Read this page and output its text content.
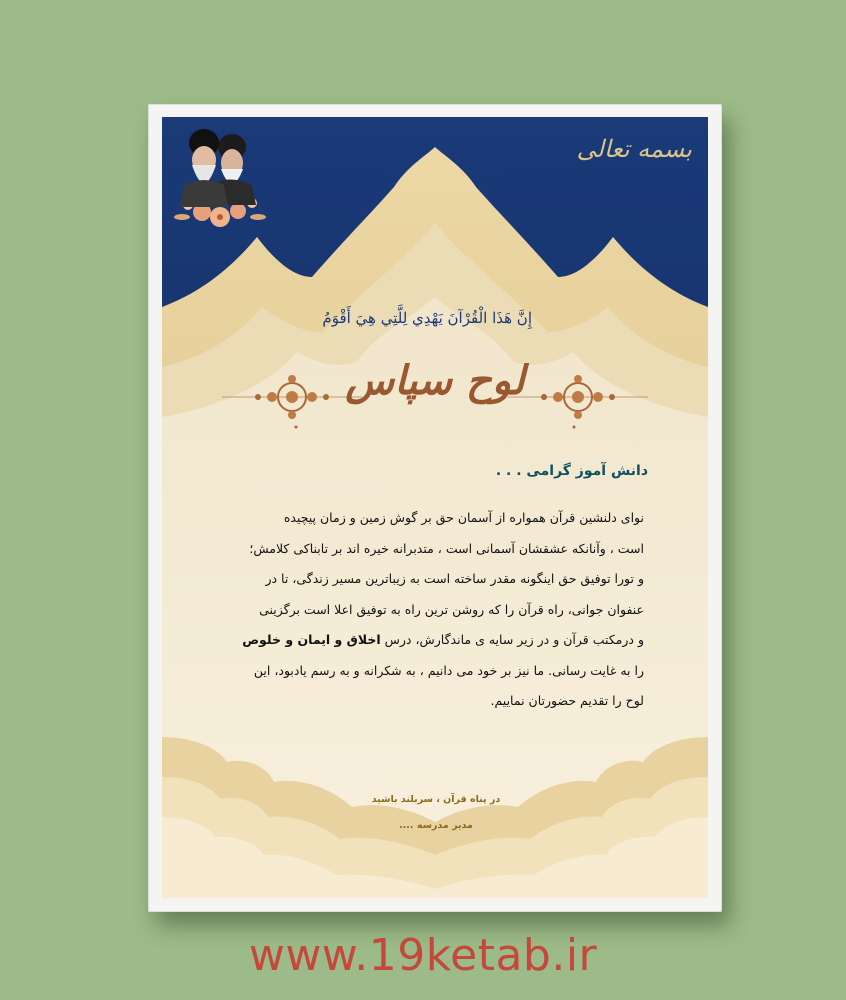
بسمه تعالی
إِنَّ هَذَا الْقُرْآنَ يَهْدِي لِلَّتِي هِيَ أَقْوَمُ
لوح سپاس
دانش آموز گرامی . . .

نوای دلنشین قرآن همواره از آسمان حق بر گوش زمین و زمان پیچیده

است ، وآنانکه عشقشان آسمانی است ، متدبرانه خیره اند بر تابناکی کلامش؛

و تورا توفیق حق اینگونه مقدر ساخته است به زیباترین مسیر زندگی، تا در

عنفوان جوانی، راه قرآن را که روشن ترین راه به توفیق اعلا است برگزینی

و درمکتب قرآن و در زیر سایه ی ماندگارش، درس اخلاق و ایمان و خلوص

را به غایت رسانی. ما نیز بر خود می دانیم ، به شکرانه و به رسم یادبود، این

لوح را تقدیم حضورتان نماییم.

در پناه قرآن ، سربلند باشید
مدیر مدرسه ....
www.19ketab.ir
